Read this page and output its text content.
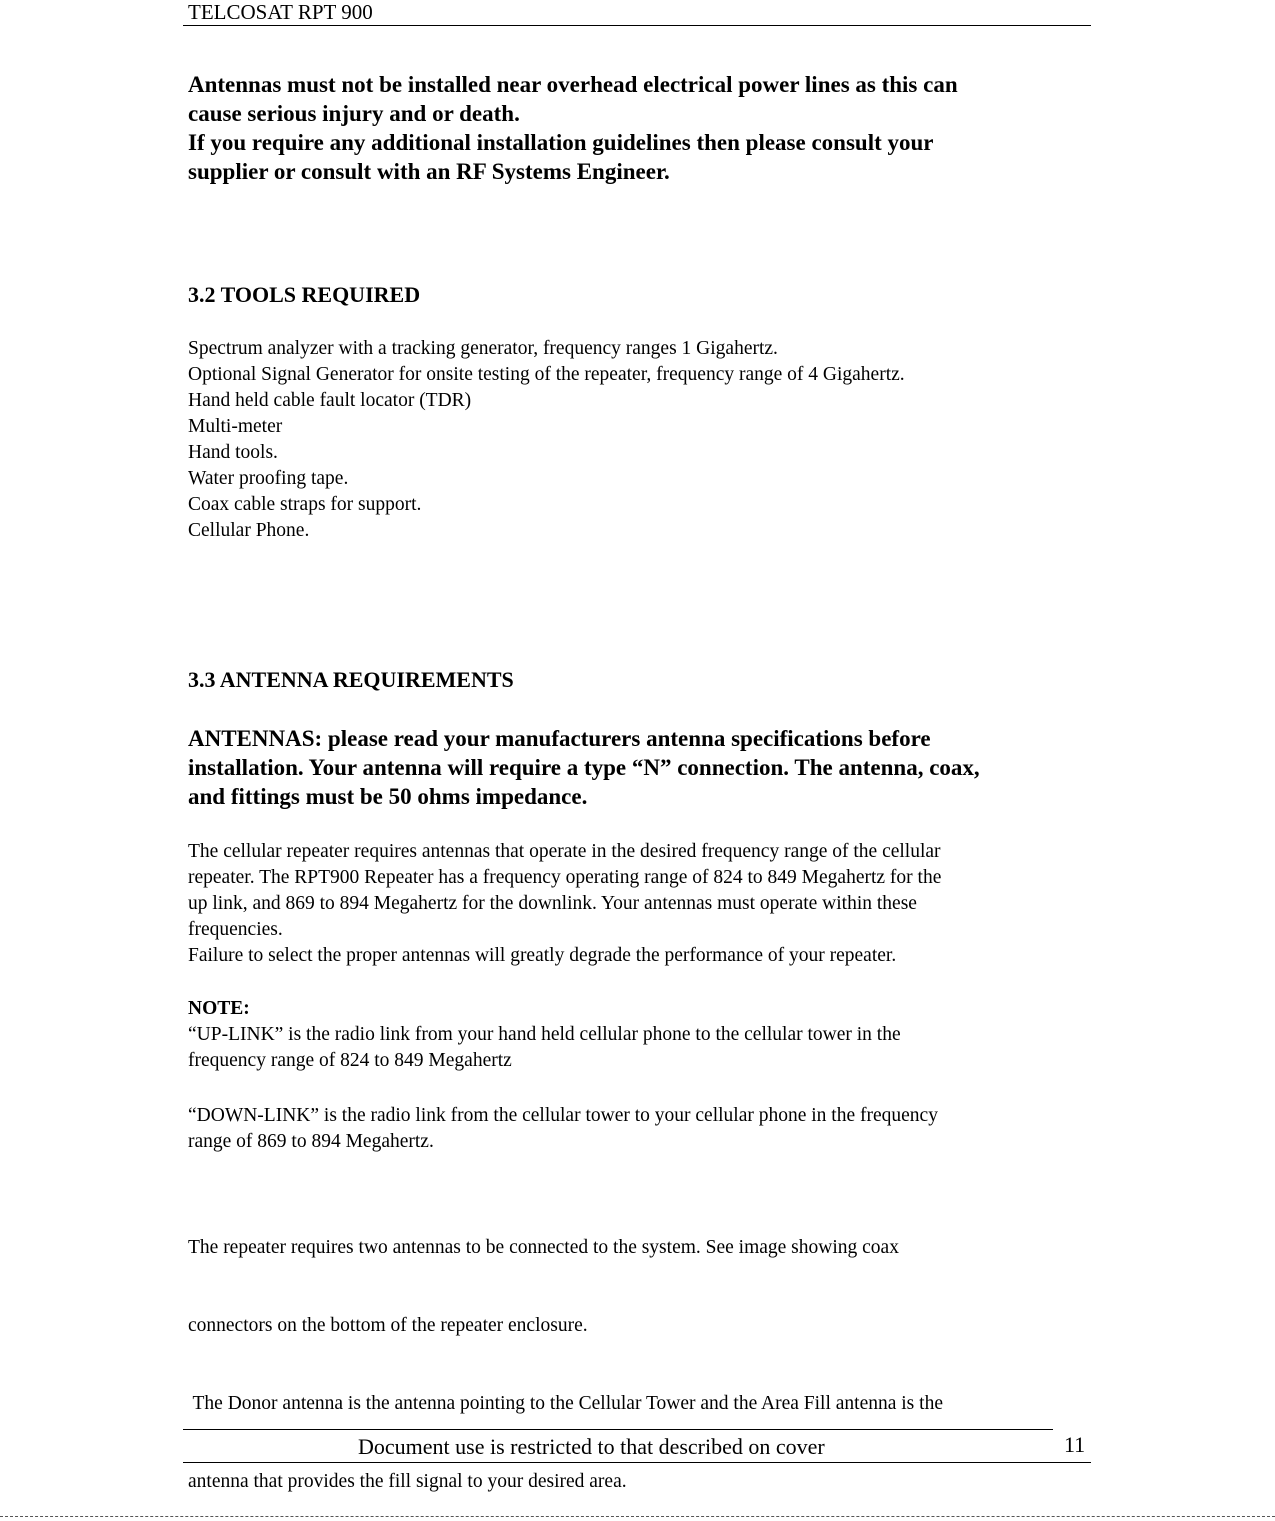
TELCOSAT RPT 900

Antennas must not be installed near overhead electrical power lines as this can

cause serious injury and or death.

If you require any additional installation guidelines then please consult your

supplier or consult with an RF Systems Engineer.

3.2 TOOLS REQUIRED

Spectrum analyzer with a tracking generator, frequency ranges 1 Gigahertz.

Optional Signal Generator for onsite testing of the repeater, frequency range of 4 Gigahertz.

Hand held cable fault locator (TDR)

Multi-meter

Hand tools.

Water proofing tape.

Coax cable straps for support.

Cellular Phone.

3.3 ANTENNA REQUIREMENTS

ANTENNAS: please read your manufacturers antenna specifications before

installation. Your antenna will require a type “N” connection. The antenna, coax,

and fittings must be 50 ohms impedance.

The cellular repeater requires antennas that operate in the desired frequency range of the cellular

repeater. The RPT900 Repeater has a frequency operating range of 824 to 849 Megahertz for the

up link, and 869 to 894 Megahertz for the downlink. Your antennas must operate within these

frequencies.

Failure to select the proper antennas will greatly degrade the performance of your repeater.

NOTE:

“UP-LINK” is the radio link from your hand held cellular phone to the cellular tower in the

frequency range of 824 to 849 Megahertz

“DOWN-LINK” is the radio link from the cellular tower to your cellular phone in the frequency

range of 869 to 894 Megahertz.

The repeater requires two antennas to be connected to the system. See image showing coax

connectors on the bottom of the repeater enclosure.

The Donor antenna is the antenna pointing to the Cellular Tower and the Area Fill antenna is the

antenna that provides the fill signal to your desired area.

Document use is restricted to that described on cover	11
